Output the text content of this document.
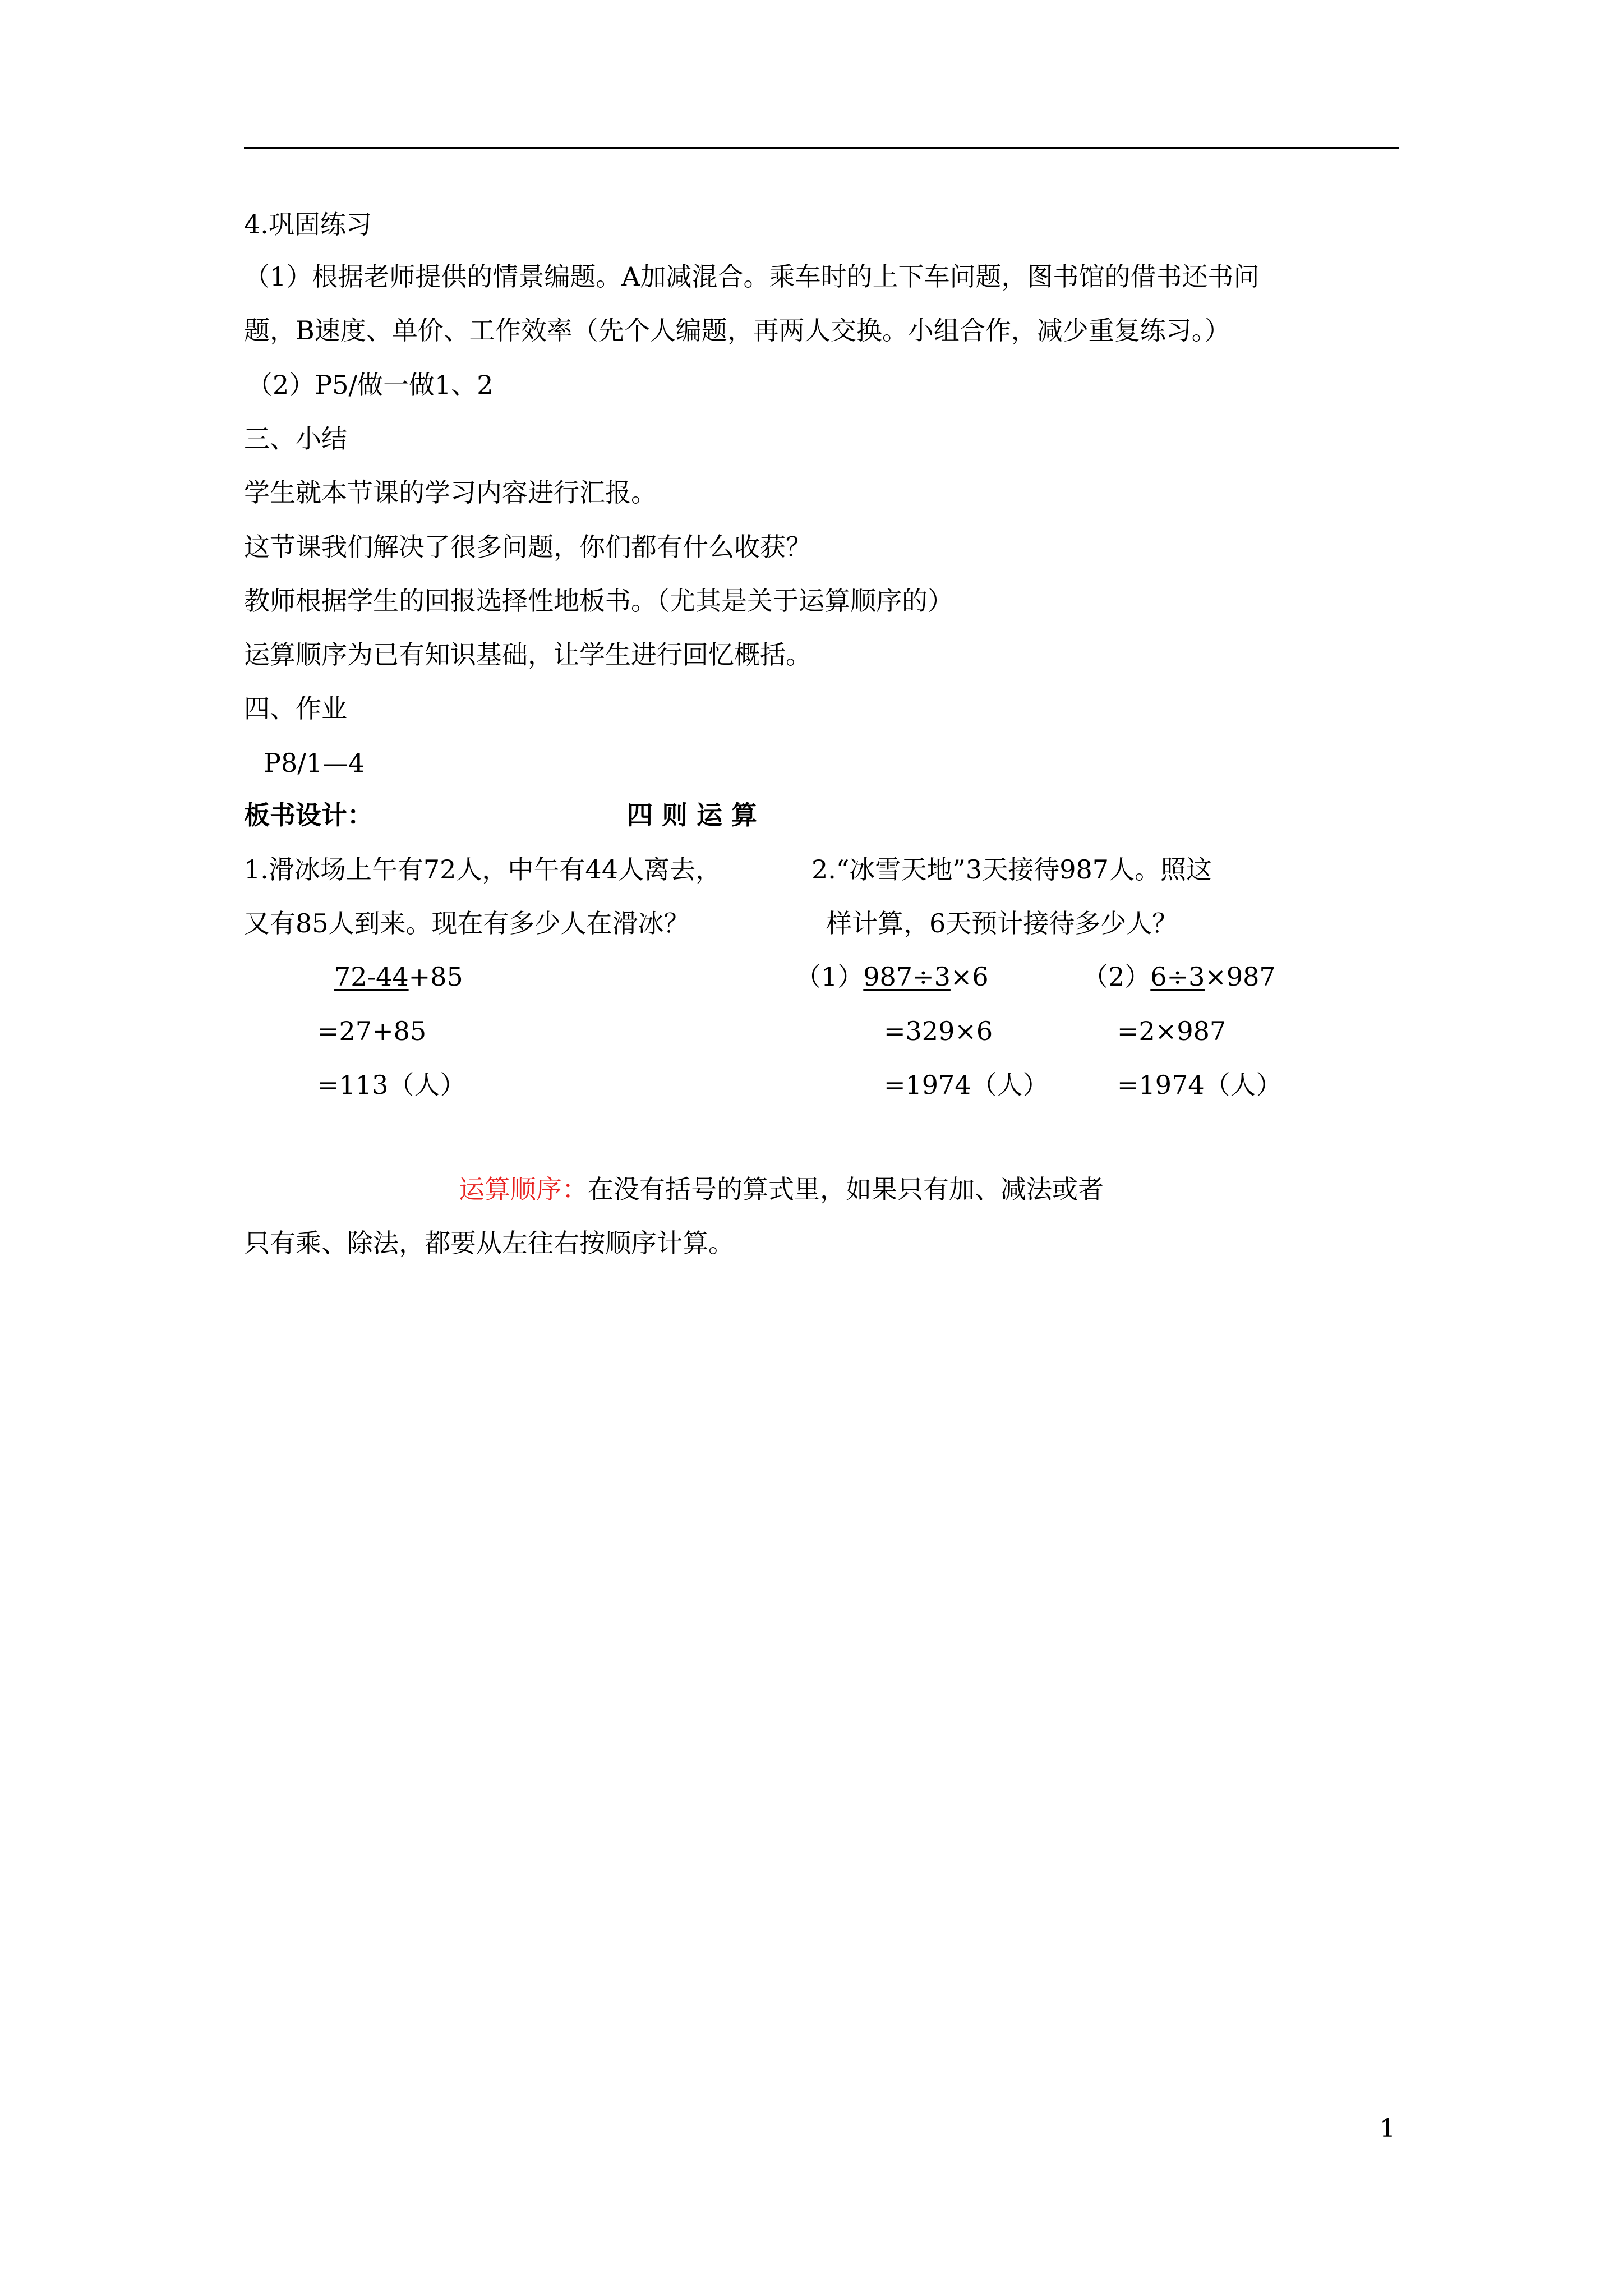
4.巩固练习
（1）根据老师提供的情景编题。A加减混合。乘车时的上下车问题，图书馆的借书还书问
题，B速度、单价、工作效率（先个人编题，再两人交换。小组合作，减少重复练习。）
（2）P5/做一做1、2
三、小结
学生就本节课的学习内容进行汇报。
这节课我们解决了很多问题，你们都有什么收获？
教师根据学生的回报选择性地板书。（尤其是关于运算顺序的）
运算顺序为已有知识基础，让学生进行回忆概括。
四、作业
P8/1—4
板书设计：	四 则 运 算
1.滑冰场上午有72人，中午有44人离去，
又有85人到来。现在有多少人在滑冰？
72-44+85
=27+85
=113（人）
2.“冰雪天地”3天接待987人。照这
样计算，6天预计接待多少人？
（1）987÷3×6
=329×6
=1974（人）
（2）6÷3×987
=2×987
=1974（人）
运算顺序：在没有括号的算式里，如果只有加、减法或者
只有乘、除法，都要从左往右按顺序计算。
1
